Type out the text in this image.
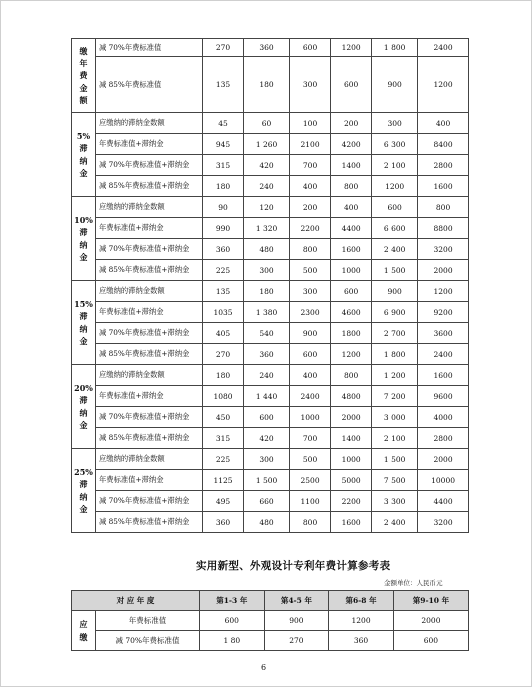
缴
年
费
金
额	减 70%年费标准值	270	360	600	1200	1 800	2400
	减 85%年费标准值	135	180	300	600	900	1200
5%
滞
纳
金	应缴纳的滞纳金数额	45	60	100	200	300	400
	年费标准值+滞纳金	945	1 260	2100	4200	6 300	8400
	减 70%年费标准值+滞纳金	315	420	700	1400	2 100	2800
	减 85%年费标准值+滞纳金	180	240	400	800	1200	1600
10%
滞
纳
金	应缴纳的滞纳金数额	90	120	200	400	600	800
	年费标准值+滞纳金	990	1 320	2200	4400	6 600	8800
	减 70%年费标准值+滞纳金	360	480	800	1600	2 400	3200
	减 85%年费标准值+滞纳金	225	300	500	1000	1 500	2000
15%
滞
纳
金	应缴纳的滞纳金数额	135	180	300	600	900	1200
	年费标准值+滞纳金	1035	1 380	2300	4600	6 900	9200
	减 70%年费标准值+滞纳金	405	540	900	1800	2 700	3600
	减 85%年费标准值+滞纳金	270	360	600	1200	1 800	2400
20%
滞
纳
金	应缴纳的滞纳金数额	180	240	400	800	1 200	1600
	年费标准值+滞纳金	1080	1 440	2400	4800	7 200	9600
	减 70%年费标准值+滞纳金	450	600	1000	2000	3 000	4000
	减 85%年费标准值+滞纳金	315	420	700	1400	2 100	2800
25%
滞
纳
金	应缴纳的滞纳金数额	225	300	500	1000	1 500	2000
	年费标准值+滞纳金	1125	1 500	2500	5000	7 500	10000
	减 70%年费标准值+滞纳金	495	660	1100	2200	3 300	4400
	减 85%年费标准值+滞纳金	360	480	800	1600	2 400	3200
实用新型、外观设计专利年费计算参考表
金额单位：人民币元
对 应 年 度		第1-3 年	第4-5 年	第6-8 年	第9-10 年
应
缴	年费标准值	600	900	1200	2000
	减 70%年费标准值	1 80	270	360	600
6
